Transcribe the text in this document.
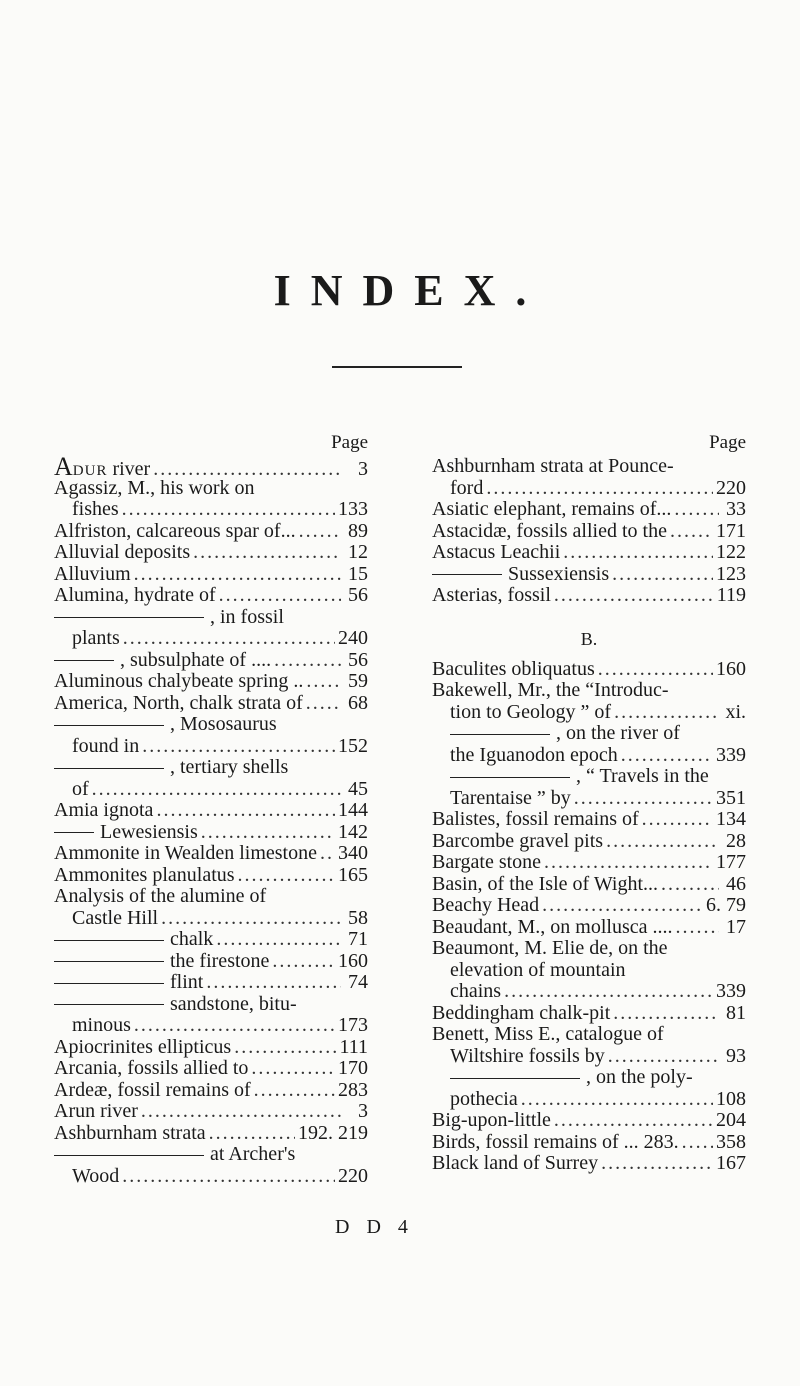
INDEX.
Page
ADUR river .....	3
Agassiz, M., his work on
fishes .....	133
Alfriston, calcareous spar of... .....	89
Alluvial deposits .....	12
Alluvium .....	15
Alumina, hydrate of .....	56
, in fossil
plants .....	240
, subsulphate of .... .....	56
Aluminous chalybeate spring .. ..... 59
America, North, chalk strata of ..... 68
, Mososaurus
found in .....	152
, tertiary shells
of .....	45
Amia ignota .....	144
Lewesiensis .....	142
Ammonite in Wealden limestone ..... 340
Ammonites planulatus .....	165
Analysis of the alumine of
Castle Hill .....	58
chalk .....	71
the firestone .....	160
flint .....	74
sandstone, bitu-
minous .....	173
Apiocrinites ellipticus .....	111
Arcania, fossils allied to .....	170
Ardeæ, fossil remains of .....	283
Arun river .....	3
Ashburnham strata .....	192. 219
at Archer's
Wood .....	220
Page
Ashburnham strata at Pounce-
ford .....	220
Asiatic elephant, remains of... .....	33
Astacidæ, fossils allied to the ..... 171
Astacus Leachii .....	122
Sussexiensis .....	123
Asterias, fossil .....	119
B.
Baculites obliquatus .....	160
Bakewell, Mr., the “Introduc-
tion to Geology ” of .....	xi.
, on the river of
the Iguanodon epoch .....	339
, “ Travels in the
Tarentaise ” by .....	351
Balistes, fossil remains of .....	134
Barcombe gravel pits .....	28
Bargate stone .....	177
Basin, of the Isle of Wight... .....	46
Beachy Head .....	6. 79
Beaudant, M., on mollusca .... .....	17
Beaumont, M. Elie de, on the
elevation of mountain
chains .....	339
Beddingham chalk-pit .....	81
Benett, Miss E., catalogue of
Wiltshire fossils by .....	93
, on the poly-
pothecia .....	108
Big-upon-little .....	204
Birds, fossil remains of ... 283. ..... 358
Black land of Surrey .....	167
D D 4
